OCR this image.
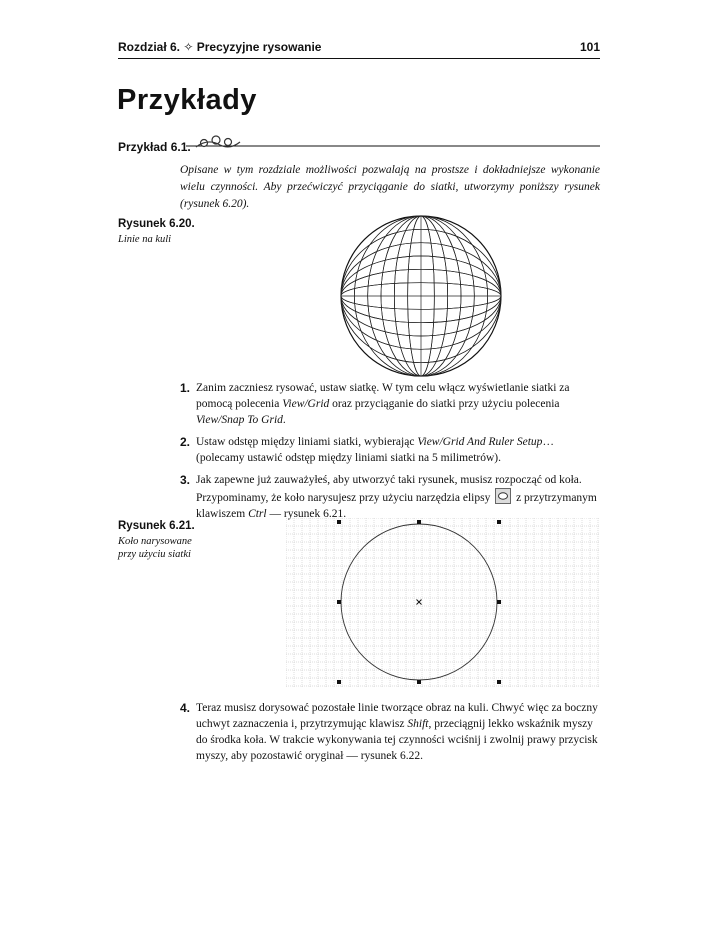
Rozdział 6. ✧ Precyzyjne rysowanie	101
Przykłady
Przykład 6.1.

Opisane w tym rozdziale możliwości pozwalają na prostsze i dokładniejsze wykonanie wielu czynności. Aby przećwiczyć przyciąganie do siatki, utworzymy poniższy rysunek (rysunek 6.20).

Rysunek 6.20.
Linie na kuli
1. Zanim zaczniesz rysować, ustaw siatkę. W tym celu włącz wyświetlanie siatki za pomocą polecenia View/Grid oraz przyciąganie do siatki przy użyciu polecenia View/Snap To Grid.
2. Ustaw odstęp między liniami siatki, wybierając View/Grid And Ruler Setup… (polecamy ustawić odstęp między liniami siatki na 5 milimetrów).
3. Jak zapewne już zauważyłeś, aby utworzyć taki rysunek, musisz rozpocząć od koła. Przypominamy, że koło narysujesz przy użyciu narzędzia elipsy
z przytrzymanym klawiszem Ctrl — rysunek 6.21.
Rysunek 6.21.
Koło narysowane
przy użyciu siatki
4. Teraz musisz dorysować pozostałe linie tworzące obraz na kuli. Chwyć więc za boczny uchwyt zaznaczenia i, przytrzymując klawisz Shift, przeciągnij lekko wskaźnik myszy do środka koła. W trakcie wykonywania tej czynności wciśnij i zwolnij prawy przycisk myszy, aby pozostawić oryginał — rysunek 6.22.
